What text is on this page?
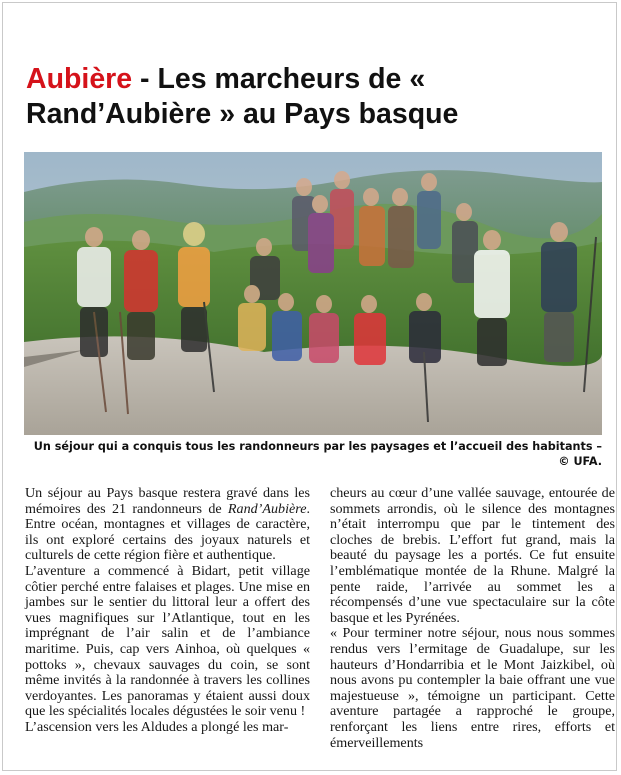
Aubière - Les marcheurs de « Rand’Aubière » au Pays basque
Un séjour qui a conquis tous les randonneurs par les paysages et l’accueil des habitants – © UFA.

Un séjour au Pays basque restera gravé dans les mémoires des 21 randonneurs de Rand’Aubière. Entre océan, montagnes et villages de caractère, ils ont exploré certains des joyaux naturels et culturels de cette région fière et authentique.

L’aventure a commencé à Bidart, petit village côtier perché entre falaises et plages. Une mise en jambes sur le sentier du littoral leur a offert des vues magnifiques sur l’Atlantique, tout en les imprégnant de l’air salin et de l’ambiance maritime. Puis, cap vers Ainhoa, où quelques « pottoks », chevaux sauvages du coin, se sont même invités à la randonnée à travers les collines verdoyantes. Les panoramas y étaient aussi doux que les spécialités locales dégustées le soir venu !

L’ascension vers les Aldudes a plongé les mar-

cheurs au cœur d’une vallée sauvage, entourée de sommets arrondis, où le silence des montagnes n’était interrompu que par le tintement des cloches de brebis. L’effort fut grand, mais la beauté du paysage les a portés. Ce fut ensuite l’emblématique montée de la Rhune. Malgré la pente raide, l’arrivée au sommet les a récompensés d’une vue spectaculaire sur la côte basque et les Pyrénées.

« Pour terminer notre séjour, nous nous sommes rendus vers l’ermitage de Guadalupe, sur les hauteurs d’Hondarribia et le Mont Jaizkibel, où nous avons pu contempler la baie offrant une vue majestueuse », témoigne un participant. Cette aventure partagée a rapproché le groupe, renforçant les liens entre rires, efforts et émerveillements
